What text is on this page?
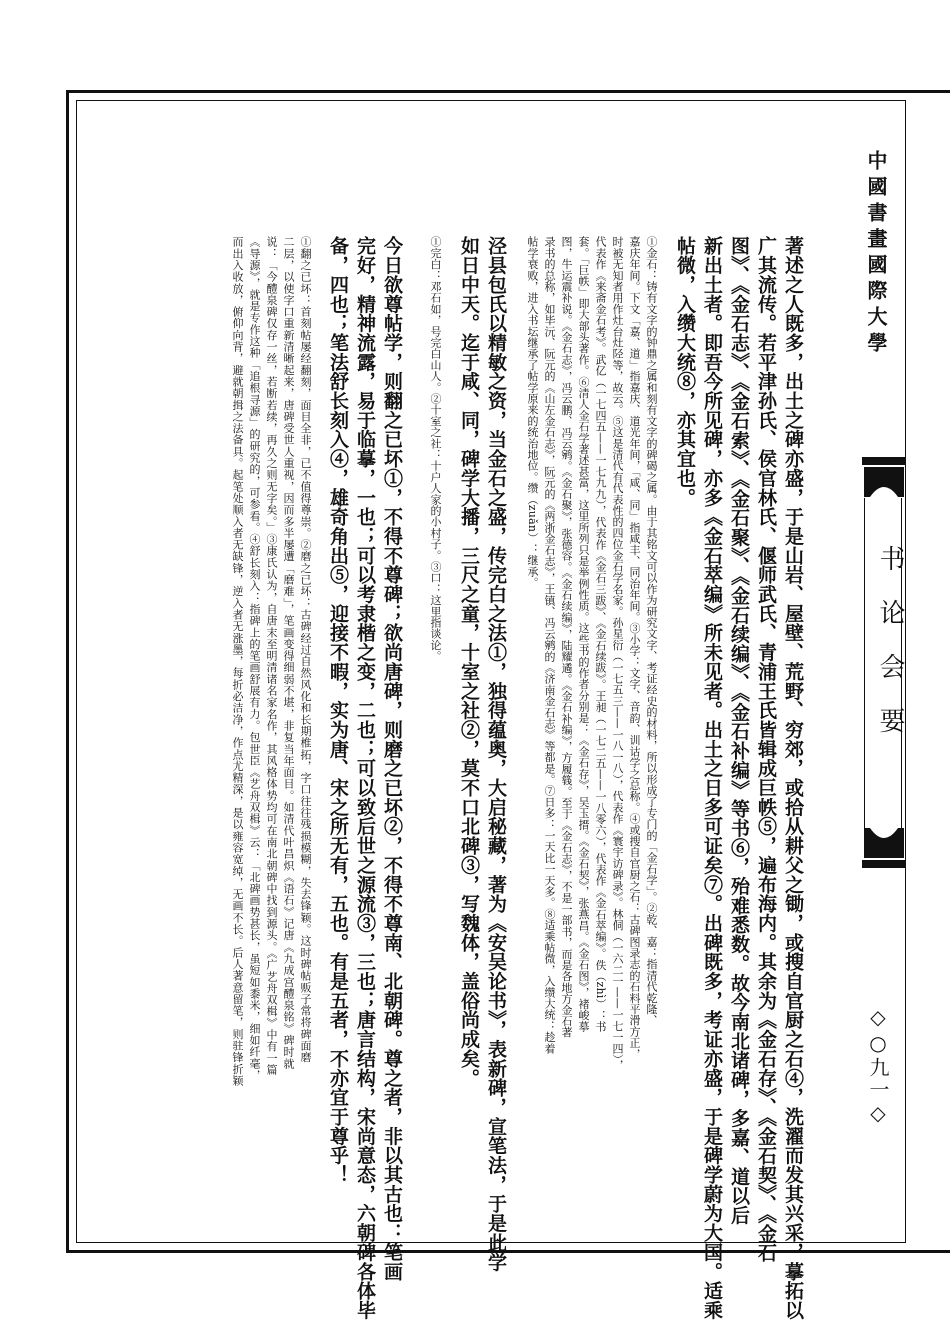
中國書畫國際大學
书论会要
◇○九一◇
著述之人既多，出土之碑亦盛，于是山岩、屋壁、荒野、穷郊，或拾从耕父之锄，或搜自官厨之石④，洗濯而发其兴采，摹拓以
广其流传。若平津孙氏、侯官林氏、偃师武氏、青浦王氏皆辑成巨帙⑤，遍布海内。其余为《金石存》、《金石契》、《金石
图》、《金石志》、《金石索》、《金石聚》、《金石续编》、《金石补编》等书⑥，殆难悉数。故今南北诸碑，多嘉、道以后
新出土者。即吾今所见碑，亦多《金石萃编》所未见者。出土之日多可证矣⑦。出碑既多，考证亦盛，于是碑学蔚为大国。适乘
帖微，入缵大统⑧，亦其宜也。
①金石：铸有文字的钟鼎之属和刻有文字的碑碣之属。由于其铭文可以作为研究文字、考证经史的材料，所以形成了专门的「金石学」。②乾、嘉：指清代乾隆、
嘉庆年间。下文「嘉、道」指嘉庆、道光年间，「咸、同」指咸丰、同治年间。③小学：文字、音韵、训诂学之总称。④或搜自官厨之石：古碑图录志的石料平滑方正，
时被无知者用作灶台灶陉等，故云。⑤这是清代有代表性的四位金石学名家。孙星衍（一七五三——一八一八），代表作《寰宇访碑录》。林侗（一六二一——一七一四），
代表作《来斋金石考》。武亿（一七四五——一七九九），代表作《金石三跋》、《金石续跋》。王昶（一七二五——一八零六），代表作《金石萃编》。佚（zhì）：书
套。「巨帙」即大部头著作。⑥清人金石学著述甚富，这里所列只是举例性质。这些书的作者分别是：《金石存》，吴玉搢。《金石契》，张燕昌。《金石图》，褚峻摹
图，牛运震补说。《金石志》，冯云鹏、冯云鹓。《金石聚》，张德容。《金石续编》，陆耀遹。《金石补编》，方履篯。至于《金石志》，不是一部书，而是各地方金石著
录书的总称，如毕沅、阮元的《山左金石志》，阮元的《两浙金石志》，王镇、冯云鹓的《济南金石志》等都是。⑦日多：一天比一天多。⑧适乘帖微，入缵大统：趁着
帖学衰败，进入书坛继承了帖学原来的统治地位。缵（zuǎn）：继承。
泾县包氏以精敏之资，当金石之盛，传完白之法①，独得蕴奥，大启秘藏，著为《安吴论书》，表新碑，宣笔法，于是此学
如日中天。迄于咸、同，碑学大播，三尺之童，十室之社②，莫不口北碑③，写魏体，盖俗尚成矣。
①完白：邓石如，号完白山人。②十室之社：十户人家的小村子。③口：这里指谈论。
今日欲尊帖学，则翻之已坏①，不得不尊碑；欲尚唐碑，则磨之已坏②，不得不尊南、北朝碑。尊之者，非以其古也：笔画
完好，精神流露，易于临摹，一也；可以考隶楷之变，二也；可以致后世之源流③，三也；唐言结构，宋尚意态，六朝碑各体毕
备，四也；笔法舒长刻入④，雄奇角出⑤，迎接不暇，实为唐、宋之所无有，五也。有是五者，不亦宜于尊乎！
①翻之已坏：首刻帖屡经翻刻，面目全非，已不值得尊崇。②磨之已坏：古碑经过自然风化和长期椎拓，字口往往残损模糊，失去锋颖。这时碑帖贩子常将碑面磨
二层，以使字口重新清晰起来，唐碑受世人重视，因而多半屡遭「磨难」，笔画变得细弱不堪，非复当年面目。如清代叶昌炽《语石》记唐《九成宫醴泉铭》碑时就
说：「今醴泉碑仅存一丝，若断若续，再久之则无字矣。」③康氏认为，自唐末至明清诸名家名作，其风格体势均可在南北朝碑中找到源头。《广艺舟双楫》中有一篇
《导源》，就是专作这种「追根寻源」的研究的，可参看。④舒长刻入：指碑上的笔画舒展有力。包世臣《艺舟双楫》云：「北碑画势甚长，虽短如黍米，细如纤毫，
而出入收放，俯仰向背，避就朝揖之法备具。起笔处顺入者无缺锋，逆入者无涨墨，每折必洁净，作点尤精深，是以雍容宽绰，无画不长。后人著意留笔，则驻锋折颖
